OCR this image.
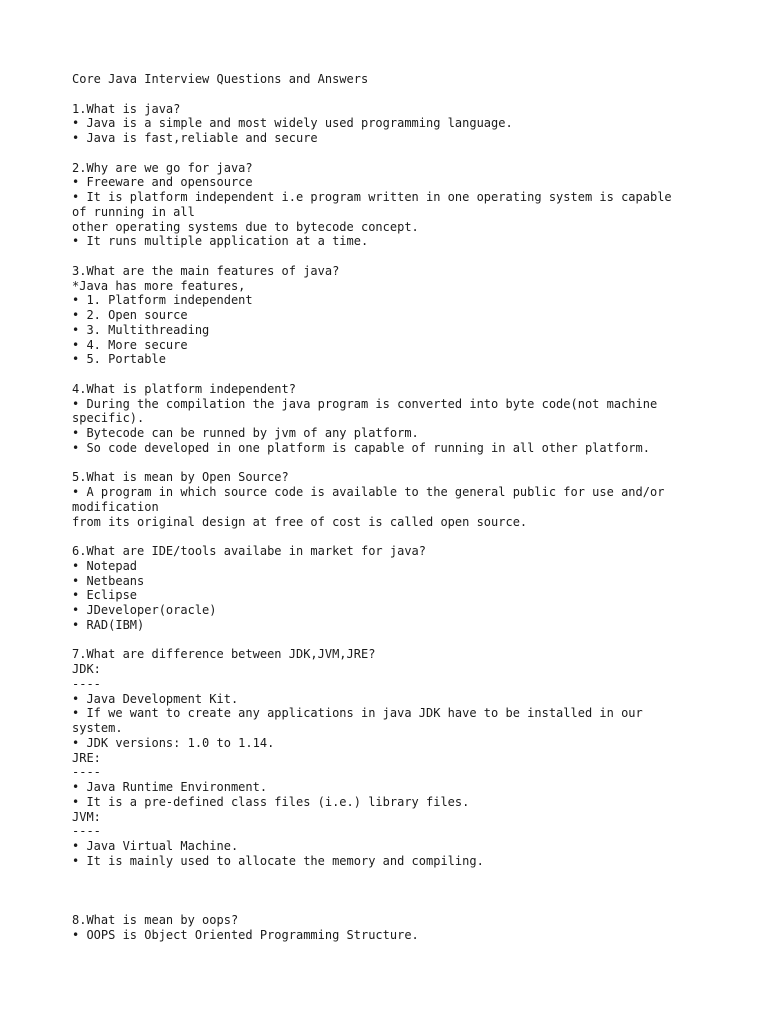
Core Java Interview Questions and Answers
1.What is java?
• Java is a simple and most widely used programming language.
• Java is fast,reliable and secure
2.Why are we go for java?
• Freeware and opensource
• It is platform independent i.e program written in one operating system is capable
of running in all
other operating systems due to bytecode concept.
• It runs multiple application at a time.
3.What are the main features of java?
*Java has more features,
• 1. Platform independent
• 2. Open source
• 3. Multithreading
• 4. More secure
• 5. Portable
4.What is platform independent?
• During the compilation the java program is converted into byte code(not machine
specific).
• Bytecode can be runned by jvm of any platform.
• So code developed in one platform is capable of running in all other platform.
5.What is mean by Open Source?
• A program in which source code is available to the general public for use and/or
modification
from its original design at free of cost is called open source.
6.What are IDE/tools availabe in market for java?
• Notepad
• Netbeans
• Eclipse
• JDeveloper(oracle)
• RAD(IBM)
7.What are difference between JDK,JVM,JRE?
JDK:
----
• Java Development Kit.
• If we want to create any applications in java JDK have to be installed in our
system.
• JDK versions: 1.0 to 1.14.
JRE:
----
• Java Runtime Environment.
• It is a pre-defined class files (i.e.) library files.
JVM:
----
• Java Virtual Machine.
• It is mainly used to allocate the memory and compiling.
8.What is mean by oops?
• OOPS is Object Oriented Programming Structure.
